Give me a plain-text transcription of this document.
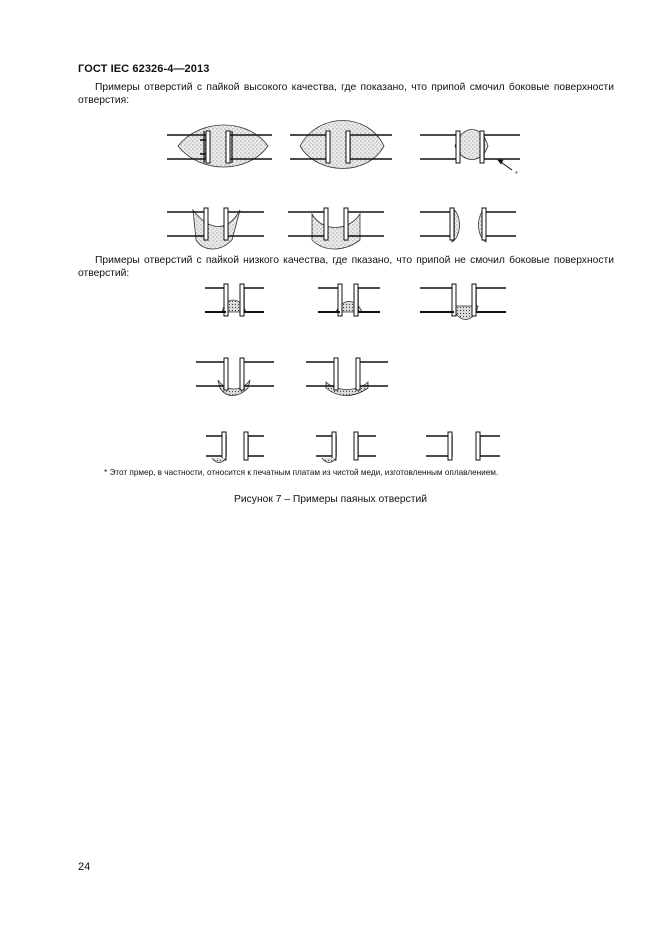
ГОСТ IEC 62326-4—2013

Примеры отверстий с пайкой высокого качества, где показано, что припой смочил боковые поверхности отверстия:

*

Примеры отверстий с пайкой низкого качества, где пказано, что припой не смочил боковые поверхности отверстий:

* Этот прмер, в частности, относится к печатным платам из чистой меди, изготовленным оплавлением.
Рисунок 7 – Примеры паяных отверстий
24
